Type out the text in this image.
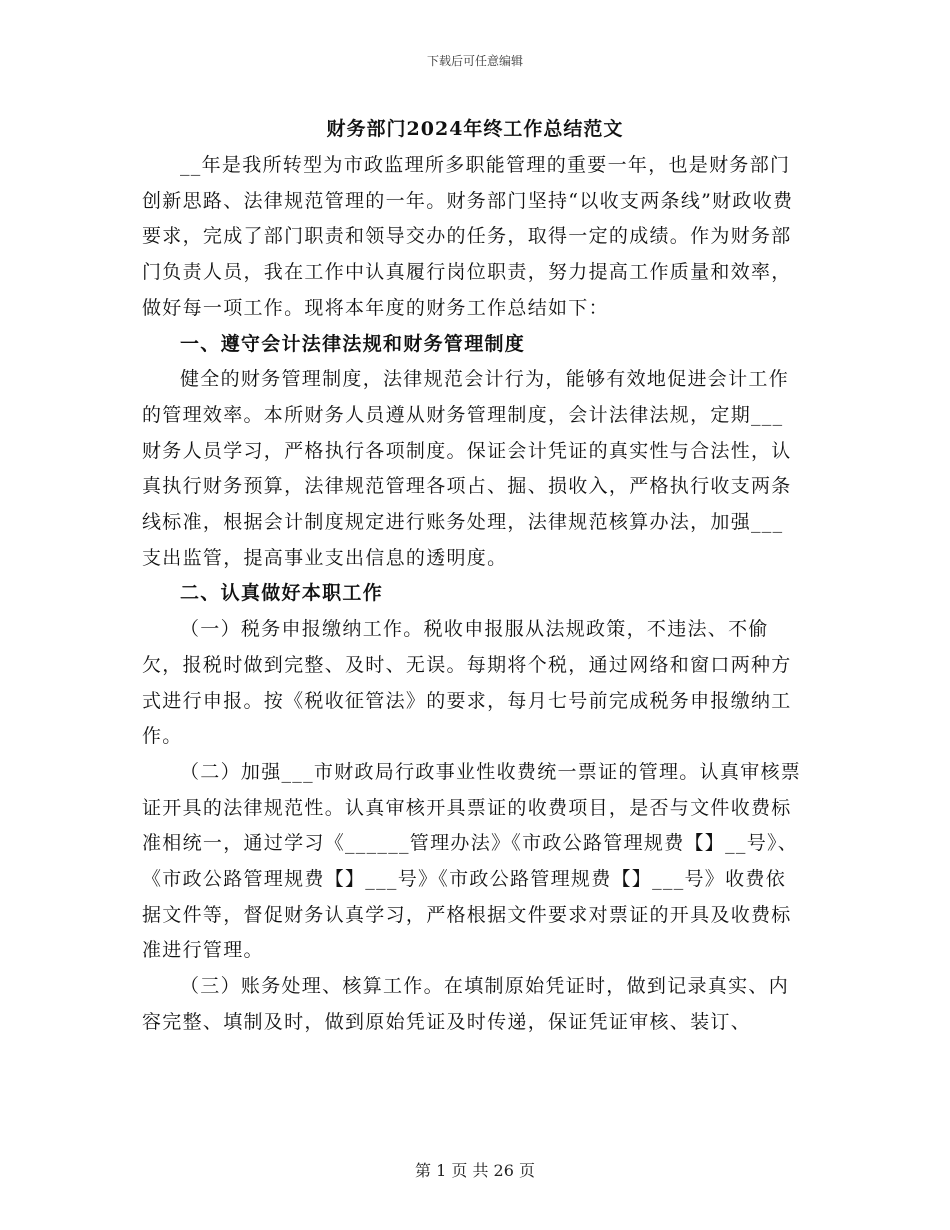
下载后可任意编辑
财务部门2024年终工作总结范文

__年是我所转型为市政监理所多职能管理的重要一年，也是财务部门创新思路、法律规范管理的一年。财务部门坚持“以收支两条线”财政收费要求，完成了部门职责和领导交办的任务，取得一定的成绩。作为财务部门负责人员，我在工作中认真履行岗位职责，努力提高工作质量和效率，做好每一项工作。现将本年度的财务工作总结如下：

一、遵守会计法律法规和财务管理制度

健全的财务管理制度，法律规范会计行为，能够有效地促进会计工作的管理效率。本所财务人员遵从财务管理制度，会计法律法规，定期___财务人员学习，严格执行各项制度。保证会计凭证的真实性与合法性，认真执行财务预算，法律规范管理各项占、掘、损收入，严格执行收支两条线标准，根据会计制度规定进行账务处理，法律规范核算办法，加强___支出监管，提高事业支出信息的透明度。

二、认真做好本职工作

（一）税务申报缴纳工作。税收申报服从法规政策，不违法、不偷欠，报税时做到完整、及时、无误。每期将个税，通过网络和窗口两种方式进行申报。按《税收征管法》的要求，每月七号前完成税务申报缴纳工作。

（二）加强___市财政局行政事业性收费统一票证的管理。认真审核票证开具的法律规范性。认真审核开具票证的收费项目，是否与文件收费标准相统一，通过学习《______管理办法》《市政公路管理规费【】__号》、《市政公路管理规费【】___号》《市政公路管理规费【】___号》收费依据文件等，督促财务认真学习，严格根据文件要求对票证的开具及收费标准进行管理。

（三）账务处理、核算工作。在填制原始凭证时，做到记录真实、内容完整、填制及时，做到原始凭证及时传递，保证凭证审核、装订、

第 1 页 共 26 页
